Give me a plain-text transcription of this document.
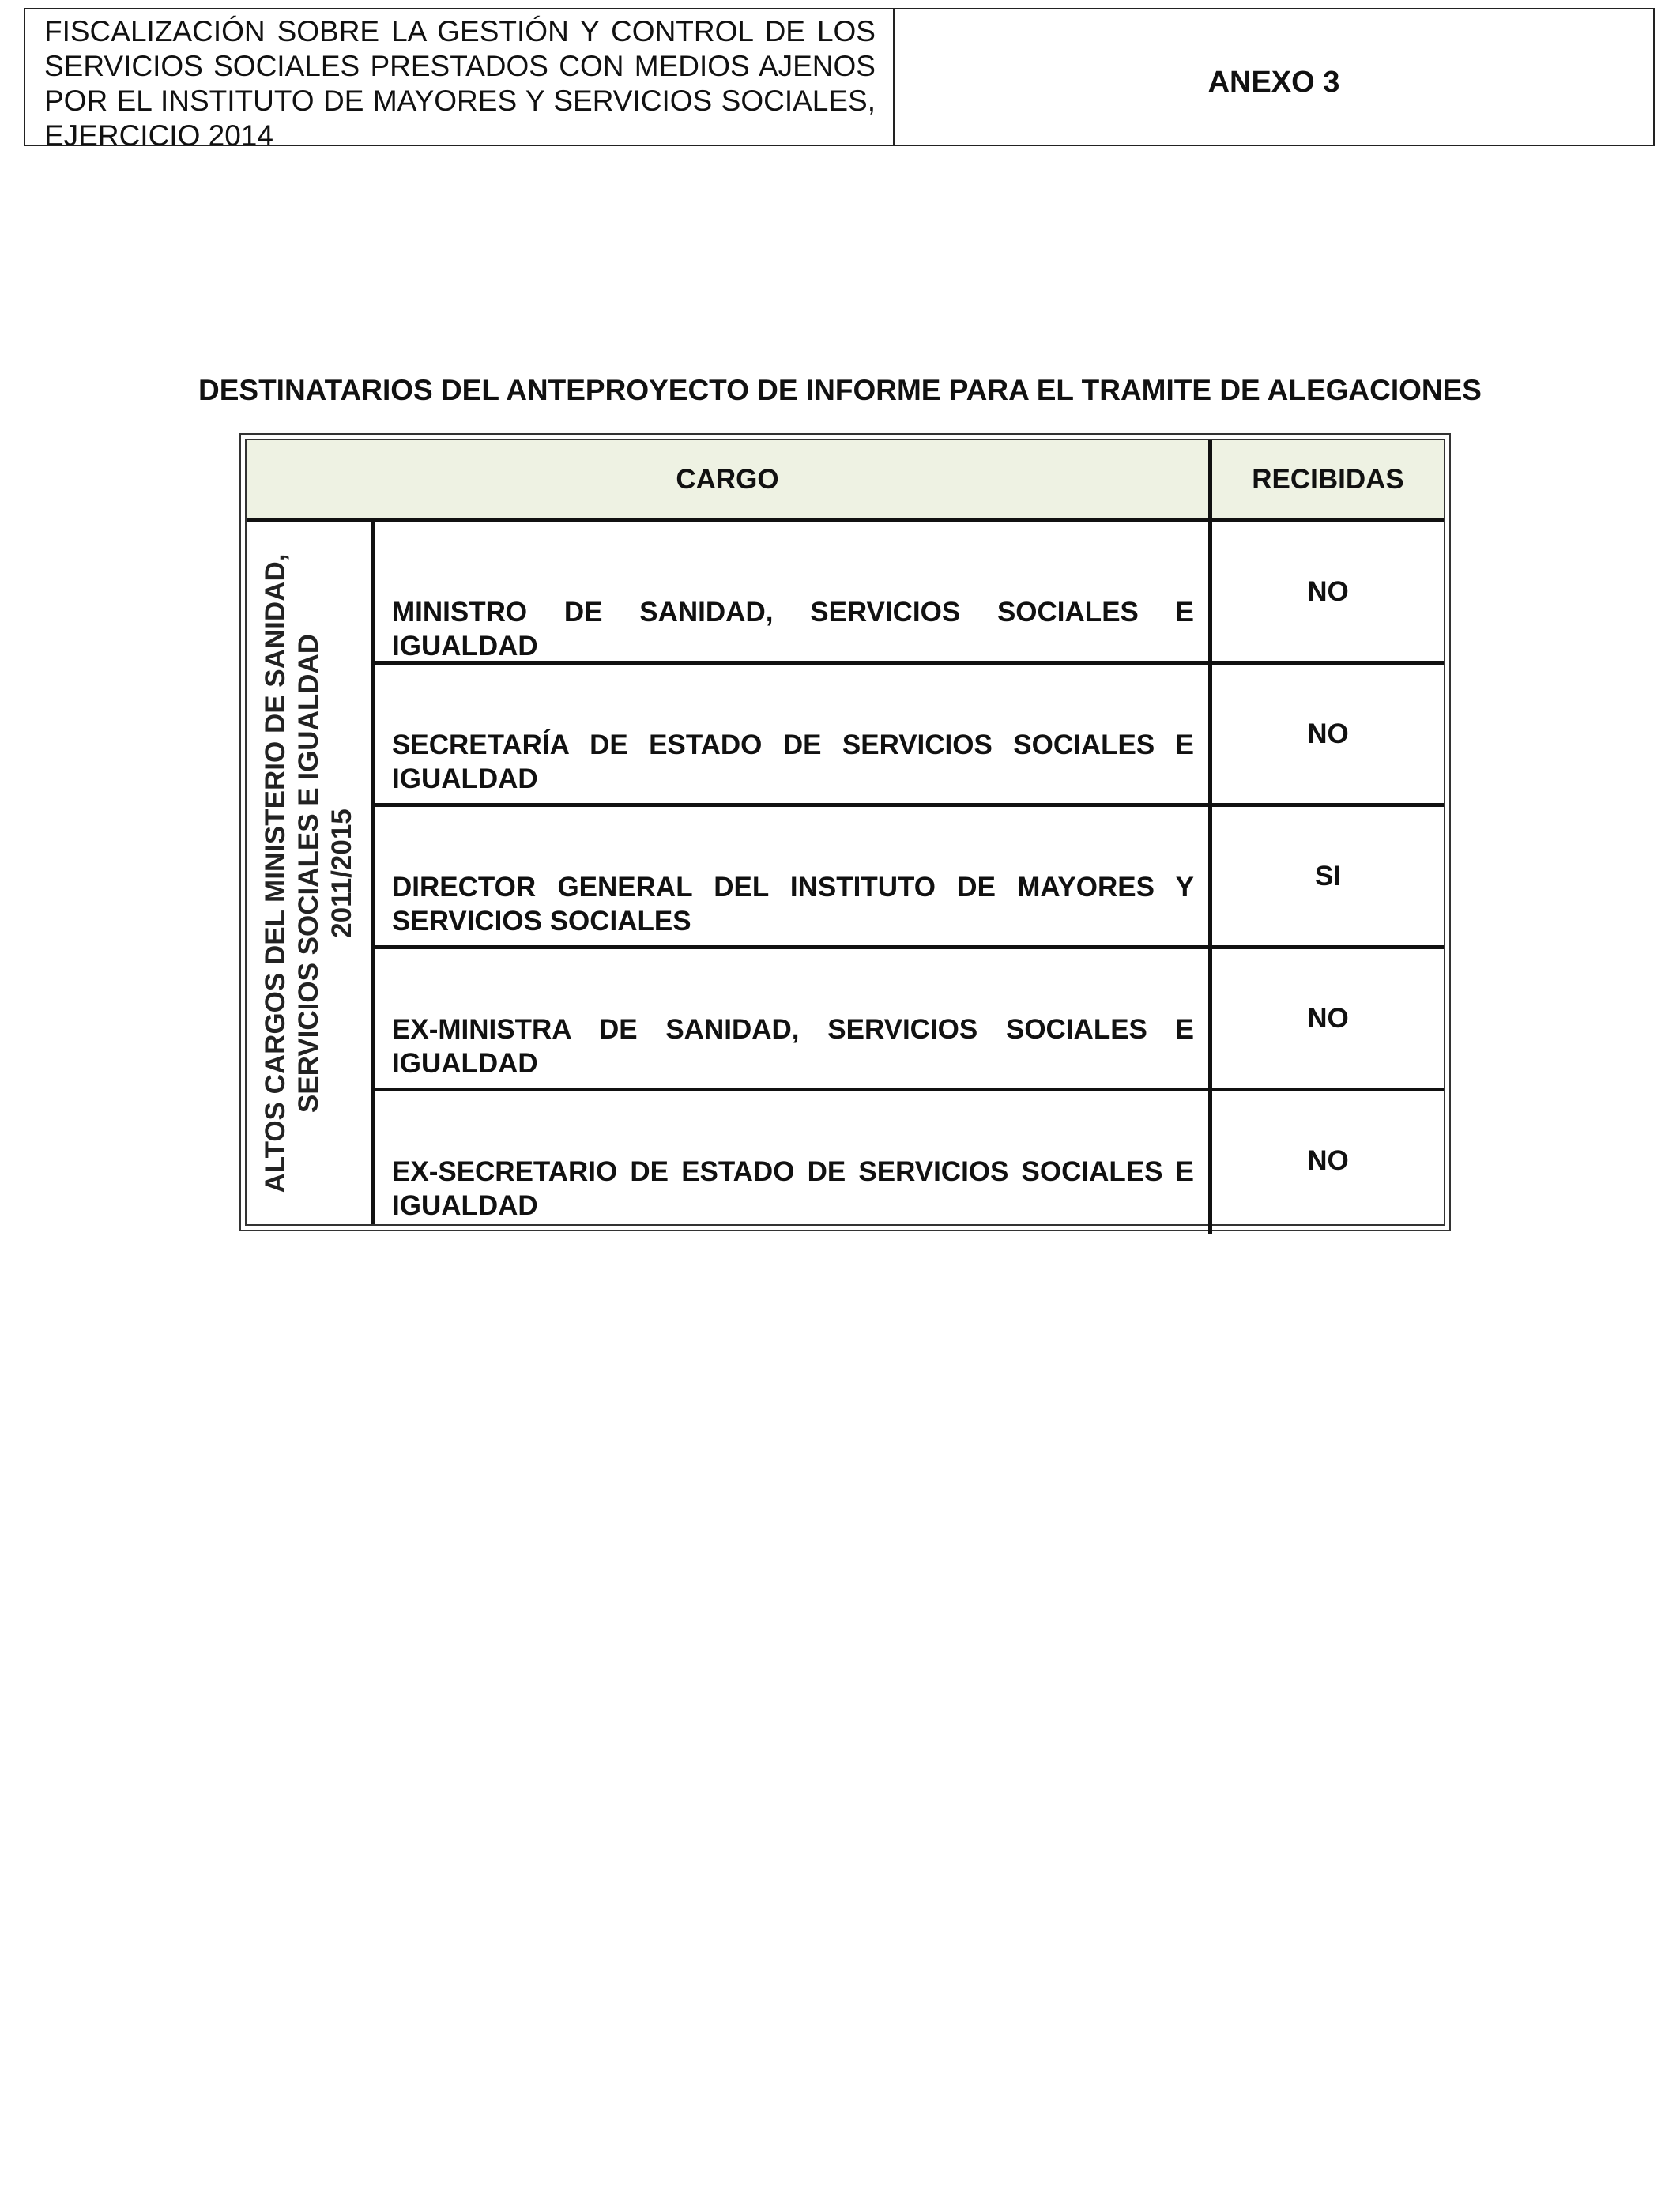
FISCALIZACIÓN SOBRE LA GESTIÓN Y CONTROL DE LOS SERVICIOS SOCIALES PRESTADOS CON MEDIOS AJENOS POR EL INSTITUTO DE MAYORES Y SERVICIOS SOCIALES, EJERCICIO 2014
ANEXO 3
DESTINATARIOS DEL ANTEPROYECTO DE INFORME PARA EL TRAMITE DE ALEGACIONES
CARGO	RECIBIDAS
ALTOS CARGOS DEL MINISTERIO DE SANIDAD, SERVICIOS SOCIALES E IGUALDAD 2011/2015
MINISTRO DE SANIDAD, SERVICIOS SOCIALES E IGUALDAD
NO
SECRETARÍA DE ESTADO DE SERVICIOS SOCIALES E IGUALDAD
NO
DIRECTOR GENERAL DEL INSTITUTO DE MAYORES Y SERVICIOS SOCIALES
SI
EX-MINISTRA DE SANIDAD, SERVICIOS SOCIALES E IGUALDAD
NO
EX-SECRETARIO DE ESTADO DE SERVICIOS SOCIALES E IGUALDAD
NO
